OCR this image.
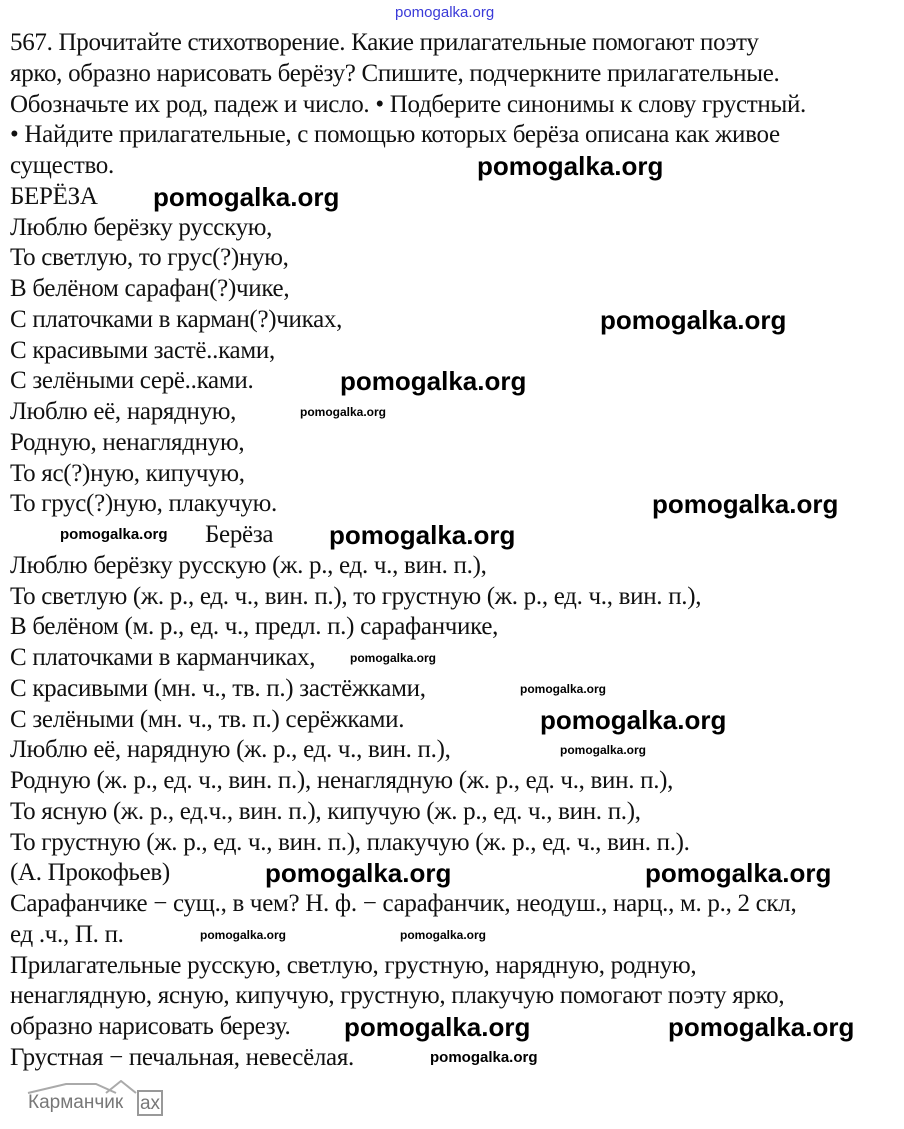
567. Прочитайте стихотворение. Какие прилагательные помогают поэту
ярко, образно нарисовать берёзу? Спишите, подчеркните прилагательные.
Обозначьте их род, падеж и число. • Подберите синонимы к слову грустный.
• Найдите прилагательные, с помощью которых берёза описана как живое
существо.
БЕРЁЗА
Люблю берёзку русскую,
То светлую, то грус(?)ную,
В белёном сарафан(?)чике,
С платочками в карман(?)чиках,
С красивыми застё..ками,
С зелёными серё..ками.
Люблю её, нарядную,
Родную, ненаглядную,
То яс(?)ную, кипучую,
То грус(?)ную, плакучую.
Берёза
Люблю берёзку русскую (ж. р., ед. ч., вин. п.),
То светлую (ж. р., ед. ч., вин. п.), то грустную (ж. р., ед. ч., вин. п.),
В белёном (м. р., ед. ч., предл. п.) сарафанчике,
С платочками в карманчиках,
С красивыми (мн. ч., тв. п.) застёжками,
С зелёными (мн. ч., тв. п.) серёжками.
Люблю её, нарядную (ж. р., ед. ч., вин. п.),
Родную (ж. р., ед. ч., вин. п.), ненаглядную (ж. р., ед. ч., вин. п.),
То ясную (ж. р., ед.ч., вин. п.), кипучую (ж. р., ед. ч., вин. п.),
То грустную (ж. р., ед. ч., вин. п.), плакучую (ж. р., ед. ч., вин. п.).
(А. Прокофьев)
Сарафанчике − сущ., в чем? Н. ф. − сарафанчик, неодуш., нарц., м. р., 2 скл,
ед .ч., П. п.
Прилагательные русскую, светлую, грустную, нарядную, родную,
ненаглядную, ясную, кипучую, грустную, плакучую помогают поэту ярко,
образно нарисовать березу.
Грустная − печальная, невесёлая.
pomogalka.org
pomogalka.org
pomogalka.org
pomogalka.org
pomogalka.org
pomogalka.org
pomogalka.org
pomogalka.org
pomogalka.org	pomogalka.org
pomogalka.org	pomogalka.org
pomogalka.org
pomogalka.org
pomogalka.org
pomogalka.org
pomogalka.org
pomogalka.org	pomogalka.org
pomogalka.org
Карманчик ах
